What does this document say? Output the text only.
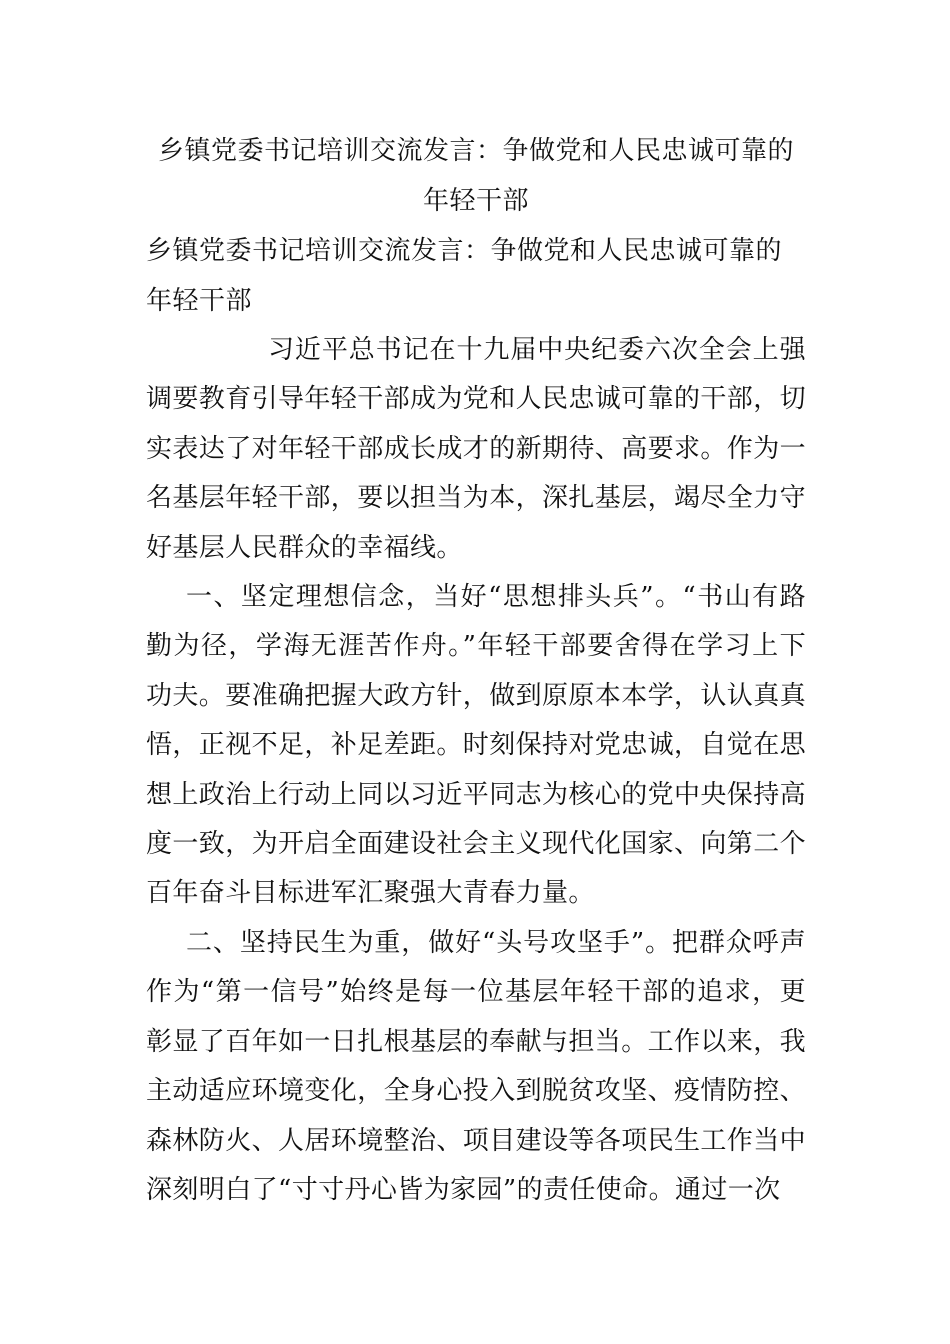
乡镇党委书记培训交流发言：争做党和人民忠诚可靠的年轻干部
乡镇党委书记培训交流发言：争做党和人民忠诚可靠的年轻干部

习近平总书记在十九届中央纪委六次全会上强调要教育引导年轻干部成为党和人民忠诚可靠的干部，切实表达了对年轻干部成长成才的新期待、高要求。作为一名基层年轻干部，要以担当为本，深扎基层，竭尽全力守好基层人民群众的幸福线。

一、坚定理想信念，当好“思想排头兵”。“书山有路勤为径，学海无涯苦作舟。”年轻干部要舍得在学习上下功夫。要准确把握大政方针，做到原原本本学，认认真真悟，正视不足，补足差距。时刻保持对党忠诚，自觉在思想上政治上行动上同以习近平同志为核心的党中央保持高度一致，为开启全面建设社会主义现代化国家、向第二个百年奋斗目标进军汇聚强大青春力量。

二、坚持民生为重，做好“头号攻坚手”。把群众呼声作为“第一信号”始终是每一位基层年轻干部的追求，更彰显了百年如一日扎根基层的奉献与担当。工作以来，我主动适应环境变化，全身心投入到脱贫攻坚、疫情防控、森林防火、人居环境整治、项目建设等各项民生工作当中深刻明白了“寸寸丹心皆为家园”的责任使命。通过一次
